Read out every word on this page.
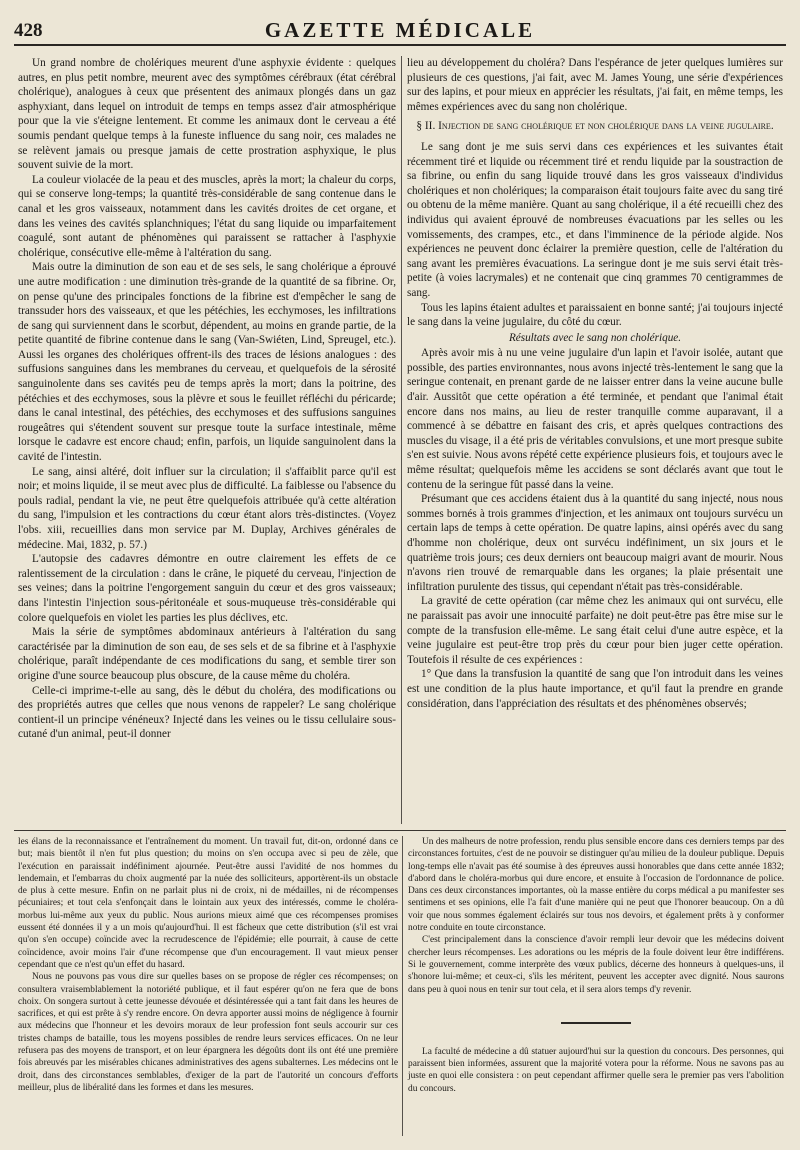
428	GAZETTE MÉDICALE

Un grand nombre de cholériques meurent d'une asphyxie évidente : quelques autres, en plus petit nombre, meurent avec des symptômes cérébraux (état cérébral cholérique), analogues à ceux que présentent des animaux plongés dans un gaz asphyxiant, dans lequel on introduit de temps en temps assez d'air atmosphérique pour que la vie s'éteigne lentement. Et comme les animaux dont le cerveau a été soumis pendant quelque temps à la funeste influence du sang noir, ces malades ne se relèvent jamais ou presque jamais de cette prostration asphyxique, le plus souvent suivie de la mort.

La couleur violacée de la peau et des muscles, après la mort; la chaleur du corps, qui se conserve long-temps; la quantité très-considérable de sang contenue dans le canal et les gros vaisseaux, notamment dans les cavités droites de cet organe, et dans les veines des cavités splanchniques; l'état du sang liquide ou imparfaitement coagulé, sont autant de phénomènes qui paraissent se rattacher à l'asphyxie cholérique, consécutive elle-même à l'altération du sang.

Mais outre la diminution de son eau et de ses sels, le sang cholérique a éprouvé une autre modification : une diminution très-grande de la quantité de sa fibrine. Or, on pense qu'une des principales fonctions de la fibrine est d'empêcher le sang de transsuder hors des vaisseaux, et que les pétéchies, les ecchymoses, les infiltrations de sang qui surviennent dans le scorbut, dépendent, au moins en grande partie, de la petite quantité de fibrine contenue dans le sang (Van-Swiéten, Lind, Spreugel, etc.). Aussi les organes des cholériques offrent-ils des traces de lésions analogues : des suffusions sanguines dans les membranes du cerveau, et quelquefois de la sérosité sanguinolente dans ses cavités peu de temps après la mort; dans la poitrine, des pétéchies et des ecchymoses, sous la plèvre et sous le feuillet réfléchi du péricarde; dans le canal intestinal, des pétéchies, des ecchymoses et des suffusions sanguines rougeâtres qui s'étendent souvent sur presque toute la surface intestinale, même lorsque le cadavre est encore chaud; enfin, parfois, un liquide sanguinolent dans la cavité de l'intestin.

Le sang, ainsi altéré, doit influer sur la circulation; il s'affaiblit parce qu'il est noir; et moins liquide, il se meut avec plus de difficulté. La faiblesse ou l'absence du pouls radial, pendant la vie, ne peut être quelquefois attribuée qu'à cette altération du sang, l'impulsion et les contractions du cœur étant alors très-distinctes. (Voyez l'obs. xiii, recueillies dans mon service par M. Duplay, Archives générales de médecine. Mai, 1832, p. 57.)

L'autopsie des cadavres démontre en outre clairement les effets de ce ralentissement de la circulation : dans le crâne, le piqueté du cerveau, l'injection de ses veines; dans la poitrine l'engorgement sanguin du cœur et des gros vaisseaux; dans l'intestin l'injection sous-péritonéale et sous-muqueuse très-considérable qui colore quelquefois en violet les parties les plus déclives, etc.

Mais la série de symptômes abdominaux antérieurs à l'altération du sang caractérisée par la diminution de son eau, de ses sels et de sa fibrine et à l'asphyxie cholérique, paraît indépendante de ces modifications du sang, et semble tirer son origine d'une source beaucoup plus obscure, de la cause même du choléra.

Celle-ci imprime-t-elle au sang, dès le début du choléra, des modifications ou des propriétés autres que celles que nous venons de rappeler? Le sang cholérique contient-il un principe vénéneux? Injecté dans les veines ou le tissu cellulaire sous-cutané d'un animal, peut-il donner

lieu au développement du choléra? Dans l'espérance de jeter quelques lumières sur plusieurs de ces questions, j'ai fait, avec M. James Young, une série d'expériences sur des lapins, et pour mieux en apprécier les résultats, j'ai fait, en même temps, les mêmes expériences avec du sang non cholérique.

§ II. Injection de sang cholérique et non cholérique dans la veine jugulaire.

Le sang dont je me suis servi dans ces expériences et les suivantes était récemment tiré et liquide ou récemment tiré et rendu liquide par la soustraction de sa fibrine, ou enfin du sang liquide trouvé dans les gros vaisseaux d'individus cholériques et non cholériques; la comparaison était toujours faite avec du sang tiré ou obtenu de la même manière. Quant au sang cholérique, il a été recueilli chez des individus qui avaient éprouvé de nombreuses évacuations par les selles ou les vomissements, des crampes, etc., et dans l'imminence de la période algide. Nos expériences ne peuvent donc éclairer la première question, celle de l'altération du sang avant les premières évacuations. La seringue dont je me suis servi était très-petite (à voies lacrymales) et ne contenait que cinq grammes 70 centigrammes de sang.

Tous les lapins étaient adultes et paraissaient en bonne santé; j'ai toujours injecté le sang dans la veine jugulaire, du côté du cœur.

Résultats avec le sang non cholérique.

Après avoir mis à nu une veine jugulaire d'un lapin et l'avoir isolée, autant que possible, des parties environnantes, nous avons injecté très-lentement le sang que la seringue contenait, en prenant garde de ne laisser entrer dans la veine aucune bulle d'air. Aussitôt que cette opération a été terminée, et pendant que l'animal était encore dans nos mains, au lieu de rester tranquille comme auparavant, il a commencé à se débattre en faisant des cris, et après quelques contractions des muscles du visage, il a été pris de véritables convulsions, et une mort presque subite s'en est suivie. Nous avons répété cette expérience plusieurs fois, et toujours avec le même résultat; quelquefois même les accidens se sont déclarés avant que tout le contenu de la seringue fût passé dans la veine.

Présumant que ces accidens étaient dus à la quantité du sang injecté, nous nous sommes bornés à trois grammes d'injection, et les animaux ont toujours survécu un certain laps de temps à cette opération. De quatre lapins, ainsi opérés avec du sang d'homme non cholérique, deux ont survécu indéfiniment, un six jours et le quatrième trois jours; ces deux derniers ont beaucoup maigri avant de mourir. Nous n'avons rien trouvé de remarquable dans les organes; la plaie présentait une infiltration purulente des tissus, qui cependant n'était pas très-considérable.

La gravité de cette opération (car même chez les animaux qui ont survécu, elle ne paraissait pas avoir une innocuité parfaite) ne doit peut-être pas être mise sur le compte de la transfusion elle-même. Le sang était celui d'une autre espèce, et la veine jugulaire est peut-être trop près du cœur pour bien juger cette opération. Toutefois il résulte de ces expériences :

1° Que dans la transfusion la quantité de sang que l'on introduit dans les veines est une condition de la plus haute importance, et qu'il faut la prendre en grande considération, dans l'appréciation des résultats et des phénomènes observés;

les élans de la reconnaissance et l'entraînement du moment. Un travail fut, dit-on, ordonné dans ce but; mais bientôt il n'en fut plus question; du moins on s'en occupa avec si peu de zèle, que l'exécution en paraissait indéfiniment ajournée. Peut-être aussi l'avidité de nos hommes du lendemain, et l'embarras du choix augmenté par la nuée des solliciteurs, apportèrent-ils un obstacle de plus à cette mesure. Enfin on ne parlait plus ni de croix, ni de médailles, ni de récompenses pécuniaires; et tout cela s'enfonçait dans le lointain aux yeux des intéressés, comme le choléra-morbus lui-même aux yeux du public. Nous aurions mieux aimé que ces récompenses promises eussent été données il y a un mois qu'aujourd'hui. Il est fâcheux que cette distribution (s'il est vrai qu'on s'en occupe) coïncide avec la recrudescence de l'épidémie; elle pourrait, à cause de cette coïncidence, avoir moins l'air d'une récompense que d'un encouragement. Il vaut mieux penser cependant que ce n'est qu'un effet du hasard.

Nous ne pouvons pas vous dire sur quelles bases on se propose de régler ces récompenses; on consultera vraisemblablement la notoriété publique, et il faut espérer qu'on ne fera que de bons choix. On songera surtout à cette jeunesse dévouée et désintéressée qui a tant fait dans les heures de sacrifices, et qui est prête à s'y rendre encore. On devra apporter aussi moins de négligence à fournir aux médecins que l'honneur et les devoirs moraux de leur profession font seuls accourir sur ces tristes champs de bataille, tous les moyens possibles de rendre leurs services efficaces. On ne leur refusera pas des moyens de transport, et on leur épargnera les dégoûts dont ils ont été une première fois abreuvés par les misérables chicanes administratives des agens subalternes. Les médecins ont le droit, dans des circonstances semblables, d'exiger de la part de l'autorité un concours d'efforts meilleur, plus de libéralité dans les formes et dans les mesures.

Un des malheurs de notre profession, rendu plus sensible encore dans ces derniers temps par des circonstances fortuites, c'est de ne pouvoir se distinguer qu'au milieu de la douleur publique. Depuis long-temps elle n'avait pas été soumise à des épreuves aussi honorables que dans cette année 1832; d'abord dans le choléra-morbus qui dure encore, et ensuite à l'occasion de l'ordonnance de police. Dans ces deux circonstances importantes, où la masse entière du corps médical a pu manifester ses sentimens et ses opinions, elle l'a fait d'une manière qui ne peut que l'honorer beaucoup. On a dû voir que nous sommes également éclairés sur tous nos devoirs, et également prêts à y conformer notre conduite en toute circonstance.

C'est principalement dans la conscience d'avoir rempli leur devoir que les médecins doivent chercher leurs récompenses. Les adorations ou les mépris de la foule doivent leur être indifférens. Si le gouvernement, comme interprète des vœux publics, décerne des honneurs à quelques-uns, il s'honore lui-même; et ceux-ci, s'ils les méritent, peuvent les accepter avec dignité. Nous saurons dans peu à quoi nous en tenir sur tout cela, et il sera alors temps d'y revenir.

La faculté de médecine a dû statuer aujourd'hui sur la question du concours. Des personnes, qui paraissent bien informées, assurent que la majorité votera pour la réforme. Nous ne savons pas au juste en quoi elle consistera : on peut cependant affirmer quelle sera le premier pas vers l'abolition du concours.
